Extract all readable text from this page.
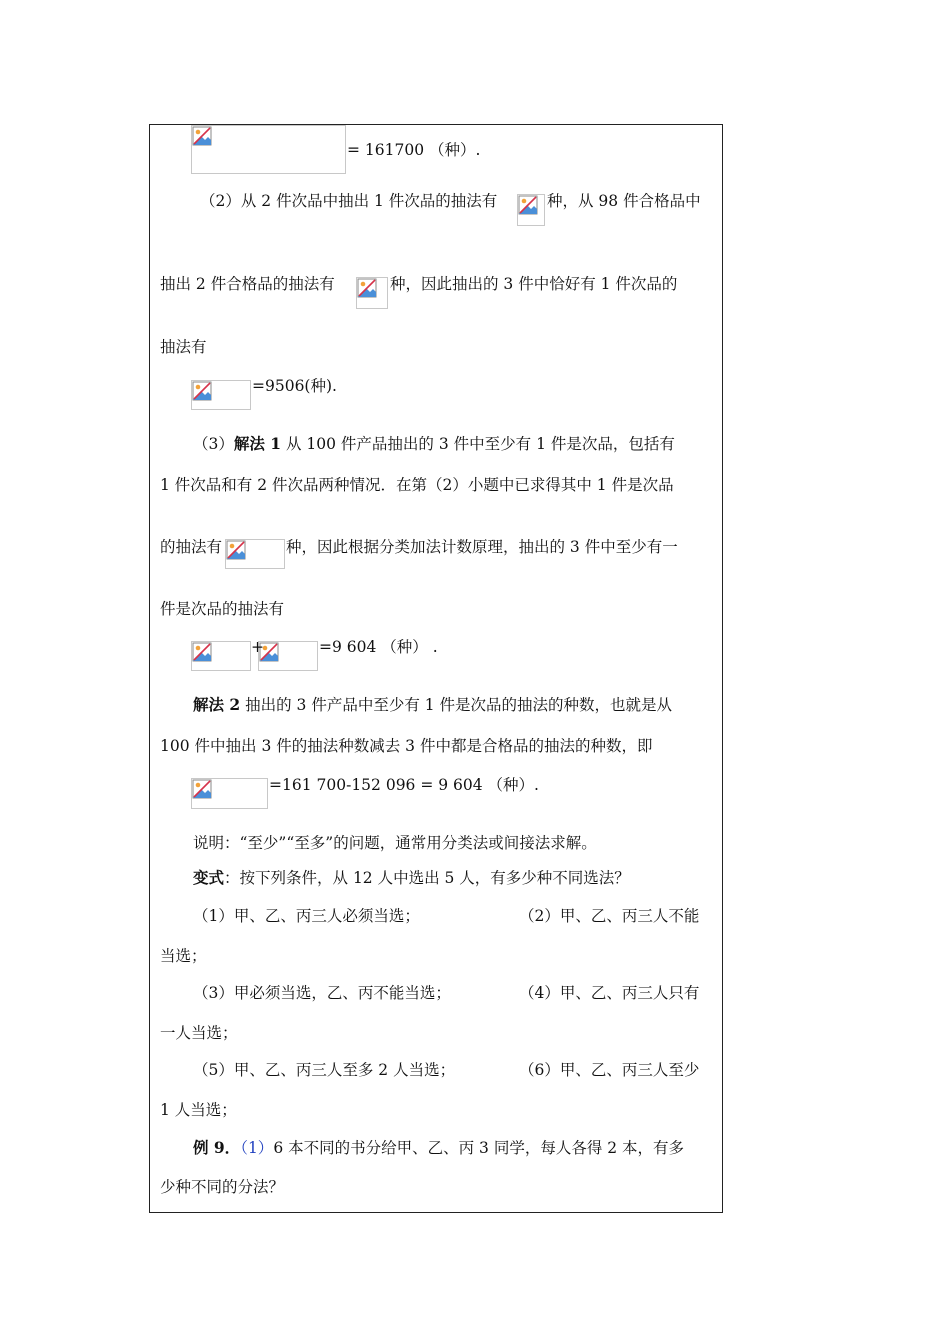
= 161700 （种）.
（2）从 2 件次品中抽出 1 件次品的抽法有	种，从 98 件合格品中
抽出 2 件合格品的抽法有	种，因此抽出的 3 件中恰好有 1 件次品的
抽法有
=9506(种).
（3）解法 1 从 100 件产品抽出的 3 件中至少有 1 件是次品，包括有
1 件次品和有 2 件次品两种情况．在第（2）小题中已求得其中 1 件是次品
的抽法有	种，因此根据分类加法计数原理，抽出的 3 件中至少有一
件是次品的抽法有
+	=9 604 （种） .
解法 2 抽出的 3 件产品中至少有 1 件是次品的抽法的种数，也就是从
100 件中抽出 3 件的抽法种数减去 3 件中都是合格品的抽法的种数，即
=161 700-152 096 = 9 604 （种）.
说明：“至少”“至多”的问题，通常用分类法或间接法求解。
变式：按下列条件，从 12 人中选出 5 人，有多少种不同选法？
（1）甲、乙、丙三人必须当选；	（2）甲、乙、丙三人不能
当选；
（3）甲必须当选，乙、丙不能当选；	（4）甲、乙、丙三人只有
一人当选；
（5）甲、乙、丙三人至多 2 人当选；	（6）甲、乙、丙三人至少
1 人当选；
例 9．（1）6 本不同的书分给甲、乙、丙 3 同学，每人各得 2 本，有多
少种不同的分法？
